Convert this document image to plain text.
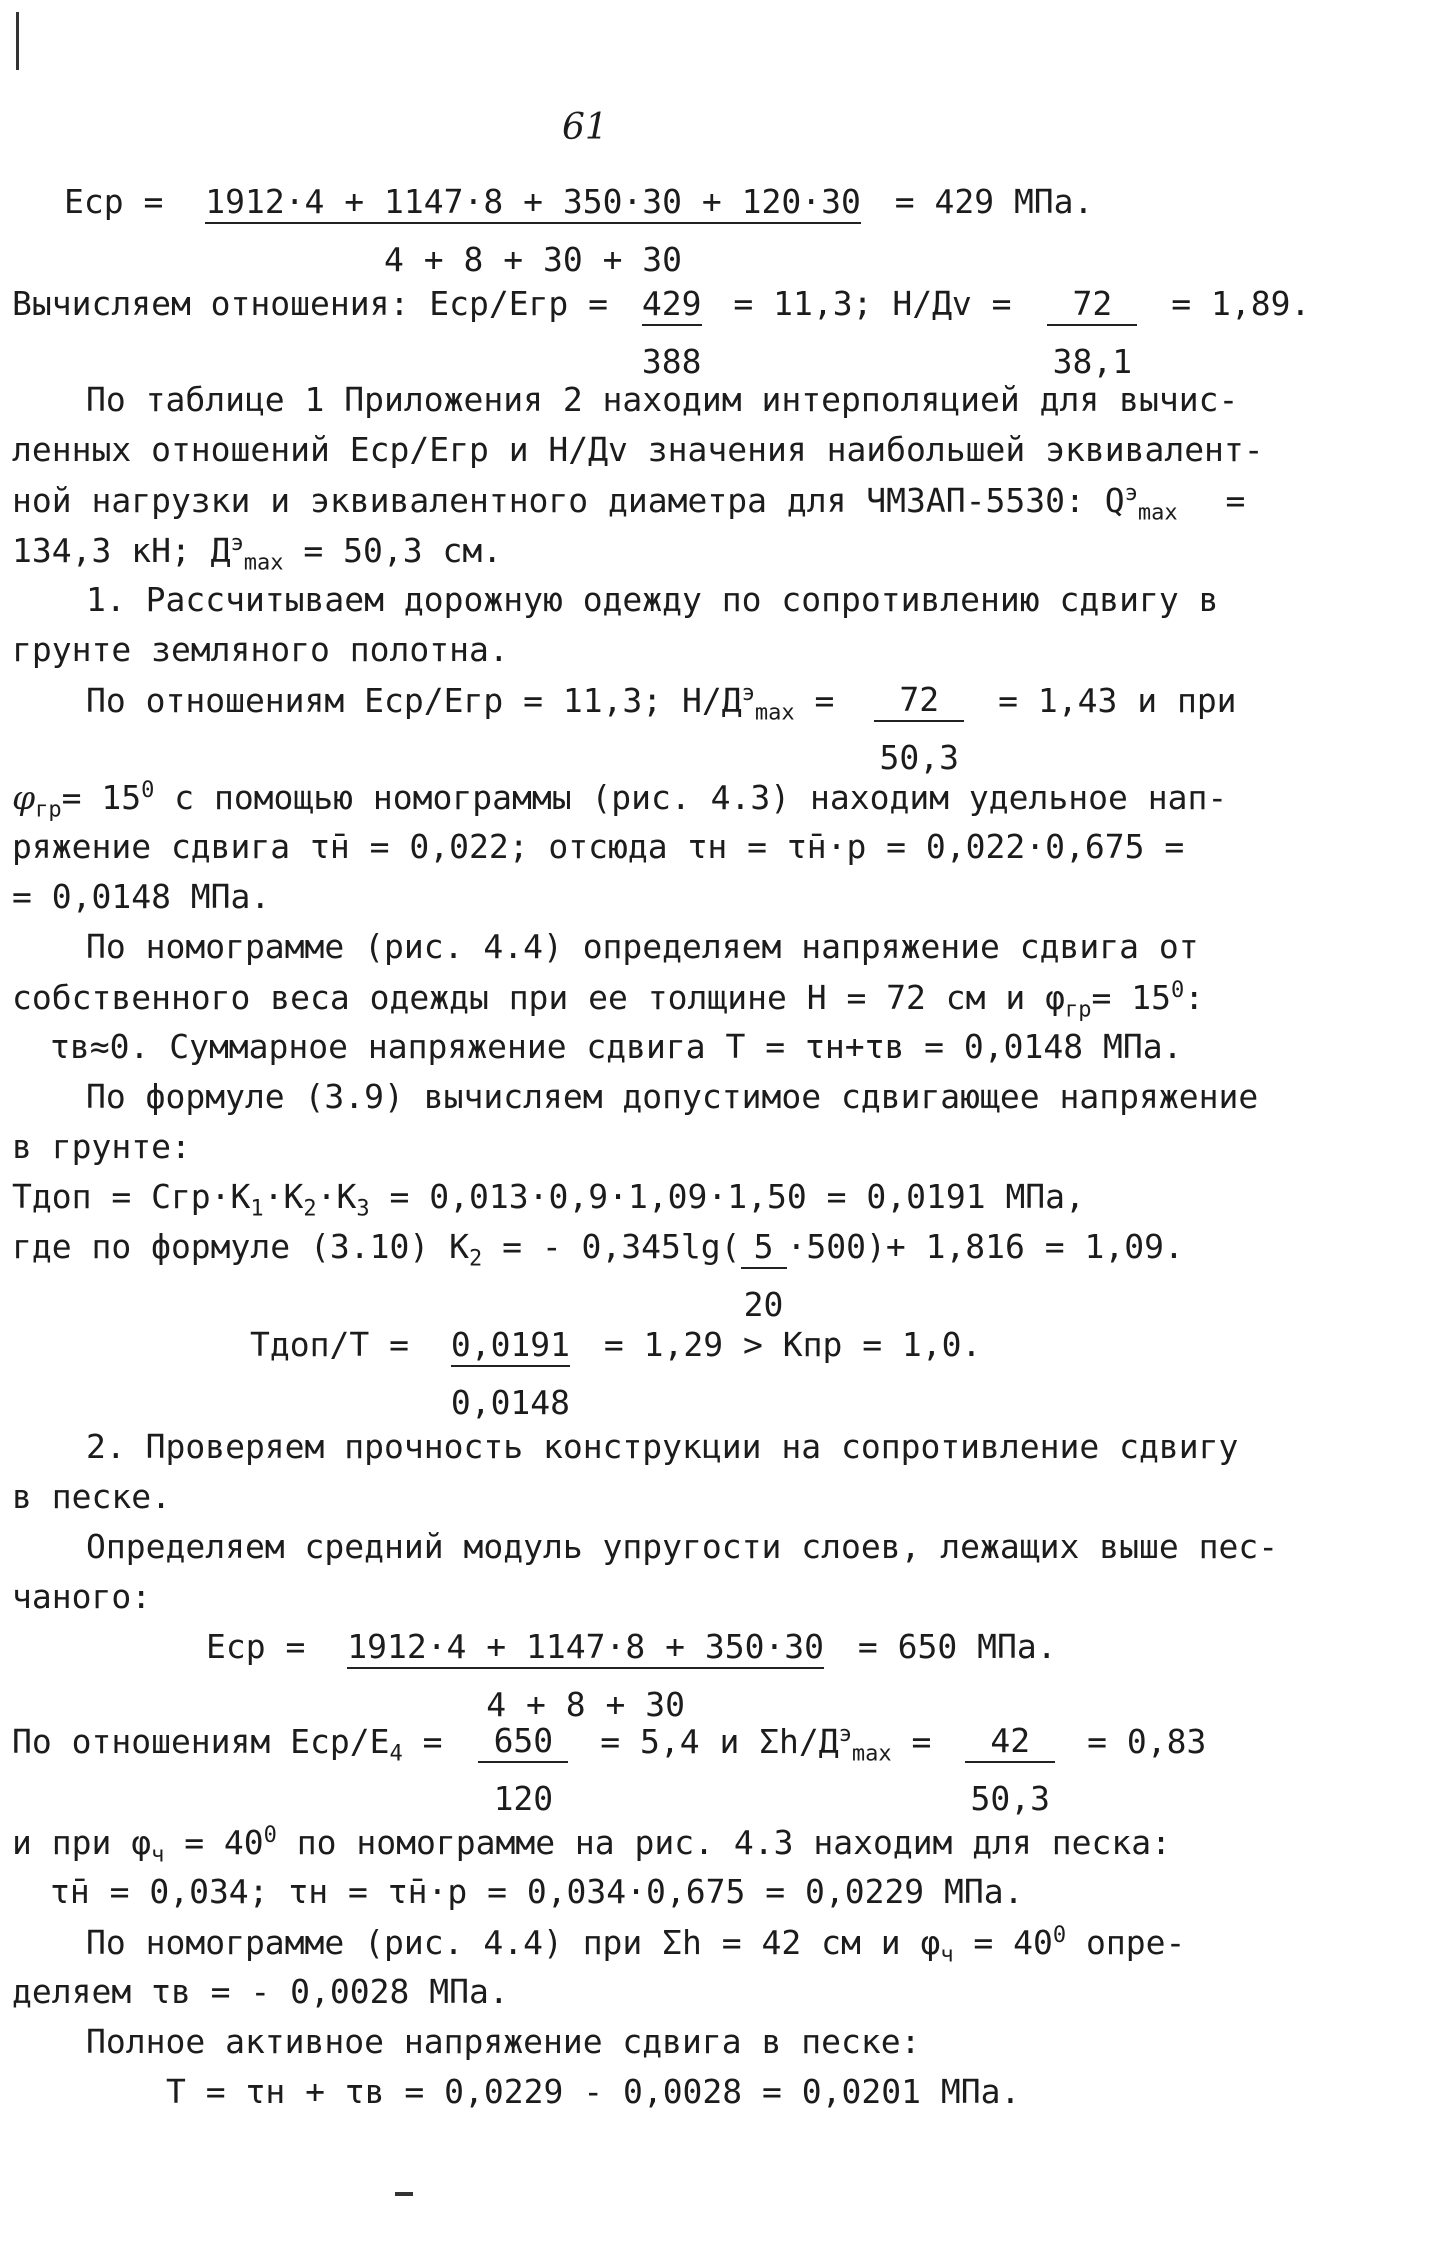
61
Еср = $\frac{1912\cdot 4 + 1147\cdot 8 + 350\cdot 30 + 120\cdot 30}{4 + 8 + 30 + 30} = 429$ МПа.
Вычисляем отношения: $Еср/Егр = \frac{429}{388} = 11,3$; $Н/Дv = \frac{72}{38,1} = 1,89$.
По таблице 1 Приложения 2 находим интерполяцией для вычис-
ленных отношений Еср/Егр и Н/Дv значения наибольшей эквивалент-
ной нагрузки и эквивалентного диаметра для ЧМЗАП-5530: $Q^э_{max}$ =
134,3 кН; $Д^э_{max} = 50,3$ см.
1. Рассчитываем дорожную одежду по сопротивлению сдвигу в
грунте земляного полотна.
По отношениям Еср/Егр = 11,3; $Н/Д^э_{max} = \frac{72}{50,3} = 1,43$ и при
$\varphi_{гр}= 15^0$ с помощью номограммы (рис. 4.3) находим удельное нап-
ряжение сдвига τ̄н = 0,022; отсюда τн = τ̄н·p = 0,022·0,675 =
= 0,0148 МПа.
По номограмме (рис. 4.4) определяем напряжение сдвига от
собственного веса одежды при ее толщине Н = 72 см и $\varphi_{гр}= 15^0$:
τв≈0. Суммарное напряжение сдвига Т = τн+τв = 0,0148 МПа.
По формуле (3.9) вычисляем допустимое сдвигающее напряжение
в грунте:
Тдоп = $Сгр\cdot К_1\cdot К_2\cdot К_3 = 0,013\cdot 0,9\cdot 1,09\cdot 1,50 = 0,0191$ МПа,
где по формуле (3.10) $К_2$ = - $0,345\lg( \frac{5}{20} \cdot 500)+ 1,816 = 1,09$.
Тдоп/Т = $\frac{0,0191}{0,0148} = 1,29$ > Кпр = 1,0.
2. Проверяем прочность конструкции на сопротивление сдвигу
в песке.
Определяем средний модуль упругости слоев, лежащих выше пес-
чаного:
Еср = $\frac{1912\cdot 4 + 1147\cdot 8 + 350\cdot 30}{4 + 8 + 30} = 650$ МПа.
По отношениям Еср/$Е_4 = \frac{650}{120} = 5,4$ и $\Sigma h/Д^э_{max} = \frac{42}{50,3} = 0,83$
и при $\varphi_ч = 40^0$ по номограмме на рис. 4.3 находим для песка:
τ̄н = 0,034; τн = τ̄н·p = 0,034·0,675 = 0,0229 МПа.
По номограмме (рис. 4.4) при Σh = 42 см и $\varphi_ч = 40^0$ опре-
деляем τв = - 0,0028 МПа.
Полное активное напряжение сдвига в песке:
Т = τн + τв = 0,0229 - 0,0028 = 0,0201 МПа.
